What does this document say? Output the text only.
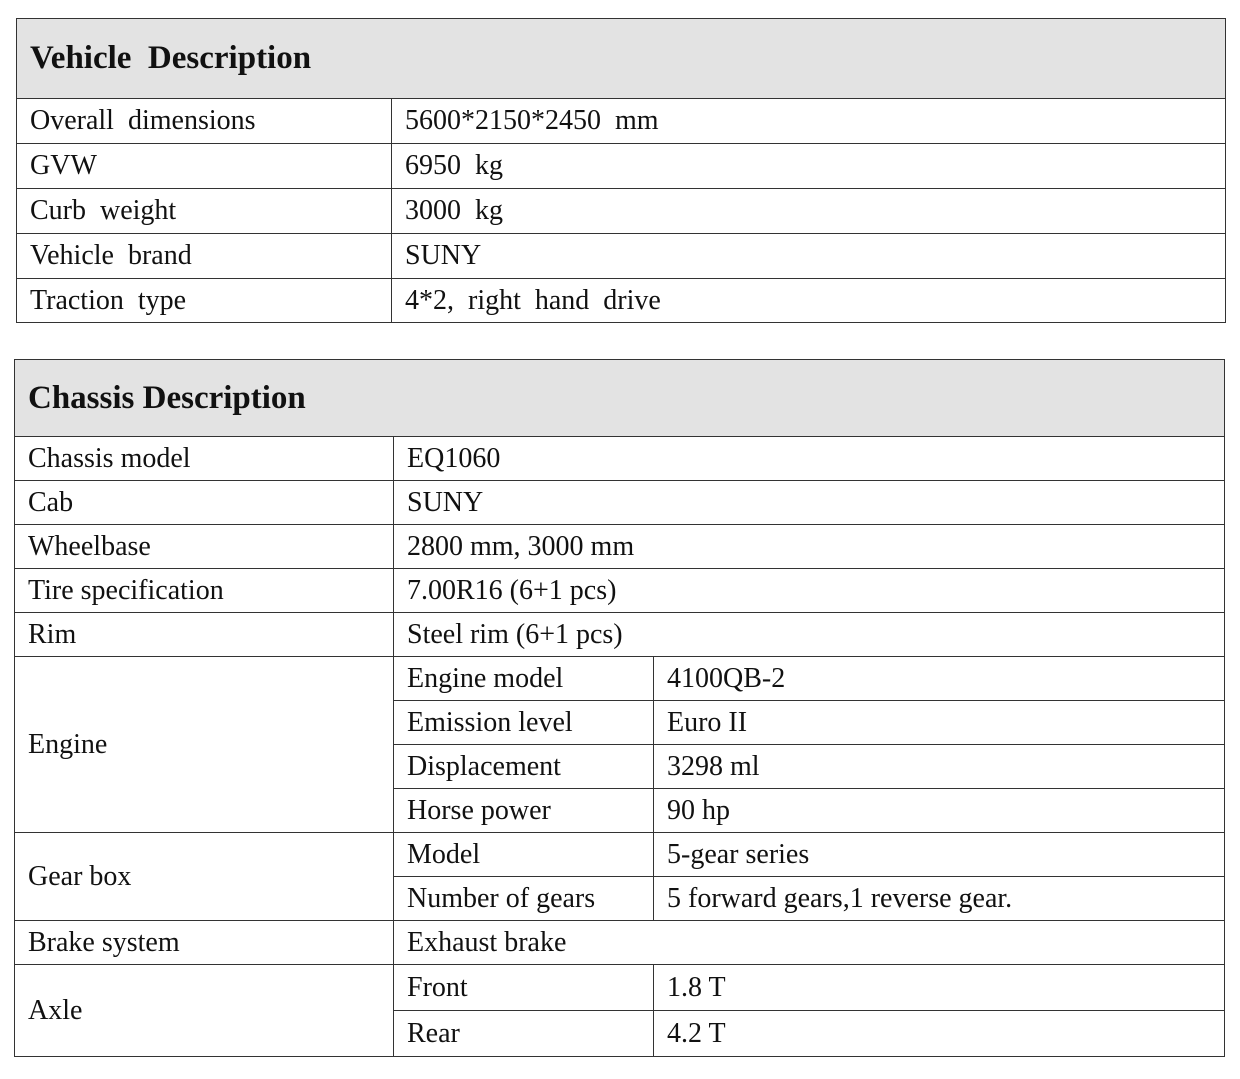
Vehicle  Description	
Overall  dimensions	5600*2150*2450  mm
GVW	6950  kg
Curb  weight	3000  kg
Vehicle  brand	SUNY
Traction  type	4*2,  right  hand  drive
Chassis Description		
Chassis model	EQ1060	
Cab	SUNY	
Wheelbase	2800 mm, 3000 mm	
Tire specification	7.00R16 (6+1 pcs)	
Rim	Steel rim (6+1 pcs)	
Engine	Engine model	4100QB-2
	Emission level	Euro II
	Displacement	3298 ml
	Horse power	90 hp
Gear box	Model	5-gear series
	Number of gears	5 forward gears,1 reverse gear.
Brake system	Exhaust brake	
Axle	Front	1.8 T
	Rear	4.2 T
